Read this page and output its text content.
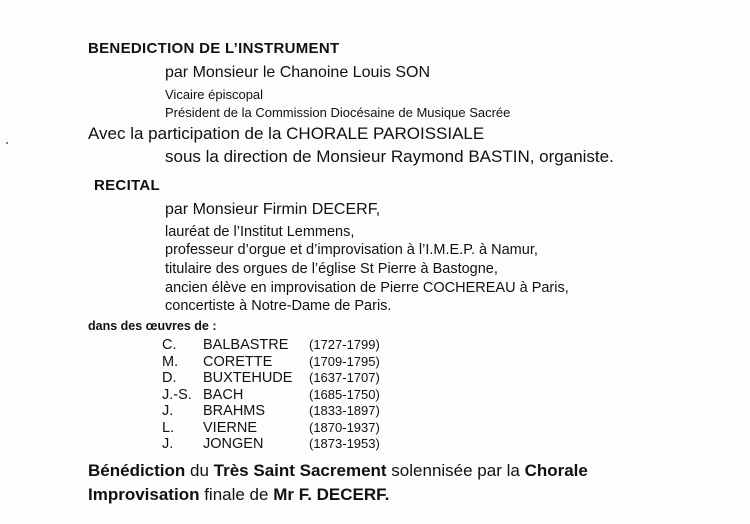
BENEDICTION DE L’INSTRUMENT
par Monsieur le Chanoine Louis SON
Vicaire épiscopal
Président de la Commission Diocésaine de Musique Sacrée
Avec la participation de la CHORALE PAROISSIALE
sous la direction de Monsieur Raymond BASTIN, organiste.
RECITAL
par Monsieur Firmin DECERF,
lauréat de l’Institut Lemmens,
professeur d’orgue et d’improvisation à l’I.M.E.P. à Namur,
titulaire des orgues de l’église St Pierre à Bastogne,
ancien élève en improvisation de Pierre COCHEREAU à Paris,
concertiste à Notre-Dame de Paris.
dans des œuvres de :
C. BALBASTRE (1727-1799)
M. CORETTE	(1709-1795)
D. BUXTEHUDE (1637-1707)
J.-S. BACH	(1685-1750)
J. BRAHMS	(1833-1897)
L. VIERNE	(1870-1937)
J. JONGEN	(1873-1953)
Bénédiction du Très Saint Sacrement solennisée par la Chorale
Improvisation finale de Mr F. DECERF.
